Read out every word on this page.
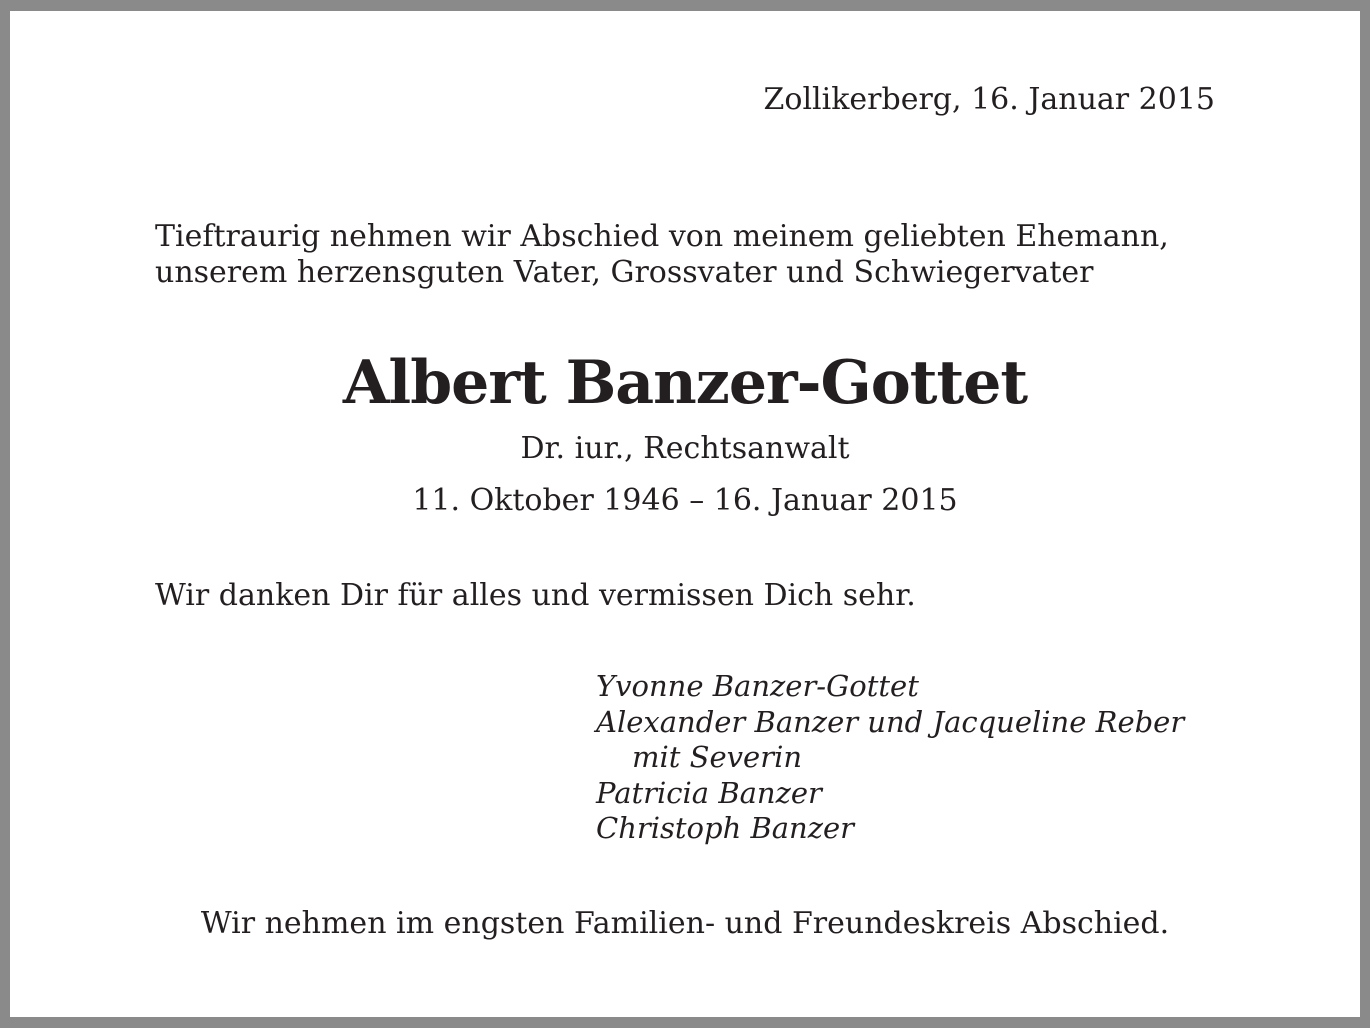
Zollikerberg, 16. Januar 2015

Tieftraurig nehmen wir Abschied von meinem geliebten Ehemann,

unserem herzensguten Vater, Grossvater und Schwiegervater

Albert Banzer-Gottet

Dr. iur., Rechtsanwalt

11. Oktober 1946 – 16. Januar 2015

Wir danken Dir für alles und vermissen Dich sehr.

Yvonne Banzer-Gottet
Alexander Banzer und Jacqueline Reber
mit Severin
Patricia Banzer
Christoph Banzer

Wir nehmen im engsten Familien- und Freundeskreis Abschied.
